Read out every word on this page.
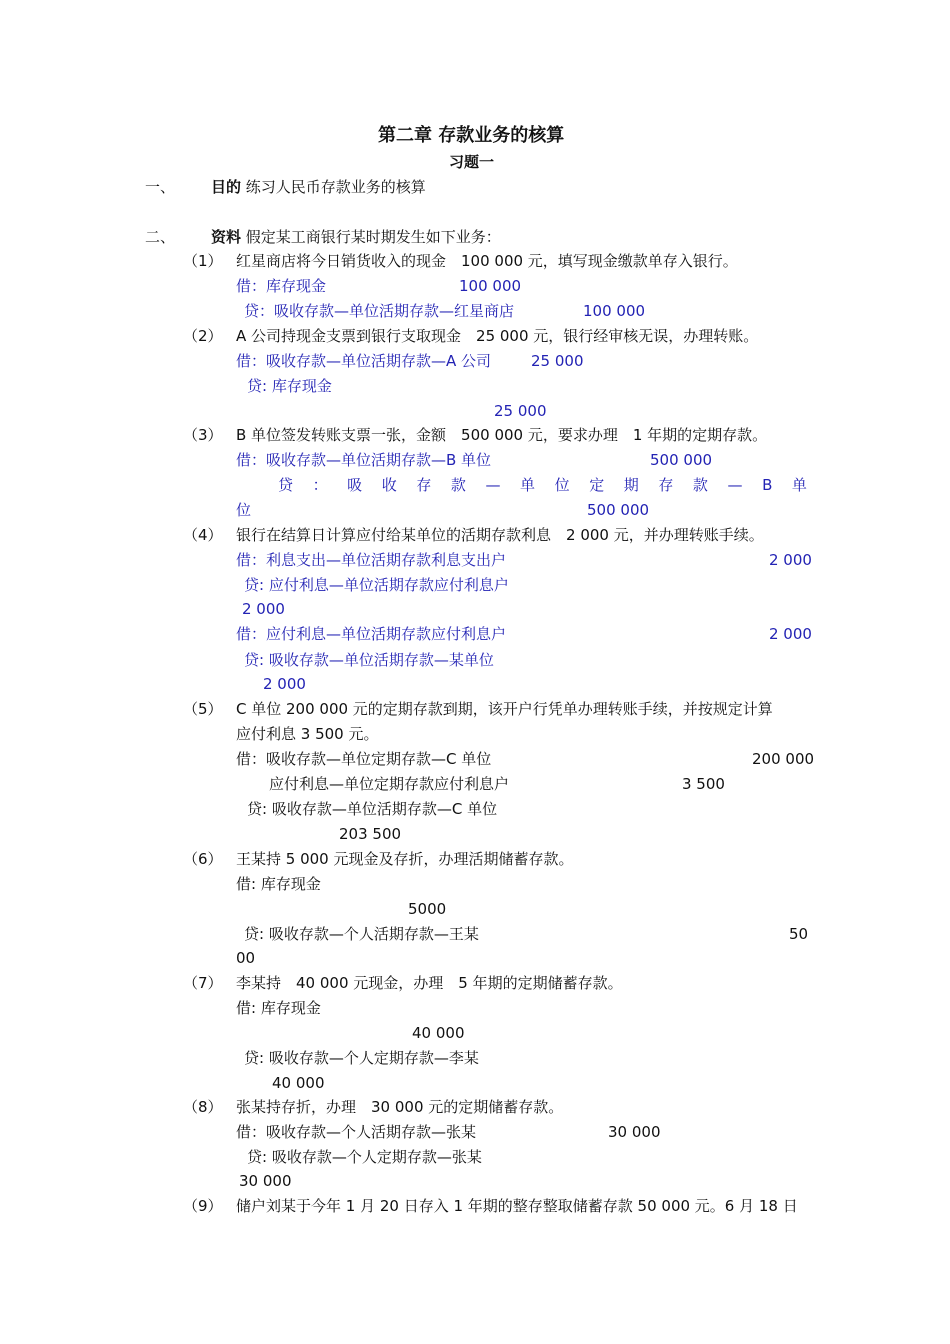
第二章 存款业务的核算
习题一
一、 目的 练习人民币存款业务的核算
二、 资料 假定某工商银行某时期发生如下业务：
（1） 红星商店将今日销货收入的现金　100 000 元，填写现金缴款单存入银行。
借：库存现金	100 000
贷：吸收存款—单位活期存款—红星商店	100 000
（2） A 公司持现金支票到银行支取现金　25 000 元，银行经审核无误，办理转账。
借：吸收存款—单位活期存款—A 公司	25 000
贷: 库存现金
25 000
（3） B 单位签发转账支票一张，金额　500 000 元，要求办理　1 年期的定期存款。
借：吸收存款—单位活期存款—B 单位	500 000
贷 ： 吸 收 存 款 — 单 位 定 期 存 款 — B 单
位	500 000
（4） 银行在结算日计算应付给某单位的活期存款利息　2 000 元，并办理转账手续。
借：利息支出—单位活期存款利息支出户	2 000
贷: 应付利息—单位活期存款应付利息户
2 000
借：应付利息—单位活期存款应付利息户	2 000
贷: 吸收存款—单位活期存款—某单位
2 000
（5） C 单位 200 000 元的定期存款到期，该开户行凭单办理转账手续，并按规定计算
应付利息 3 500 元。
借：吸收存款—单位定期存款—C 单位	200 000
应付利息—单位定期存款应付利息户	3 500
贷: 吸收存款—单位活期存款—C 单位
203 500
（6） 王某持 5 000 元现金及存折，办理活期储蓄存款。
借: 库存现金
5000
贷: 吸收存款—个人活期存款—王某	50
00
（7） 李某持　40 000 元现金，办理　5 年期的定期储蓄存款。
借: 库存现金
40 000
贷: 吸收存款—个人定期存款—李某
40 000
（8） 张某持存折，办理　30 000 元的定期储蓄存款。
借：吸收存款—个人活期存款—张某	30 000
贷: 吸收存款—个人定期存款—张某
30 000
（9） 储户刘某于今年 1 月 20 日存入 1 年期的整存整取储蓄存款 50 000 元。6 月 18 日
